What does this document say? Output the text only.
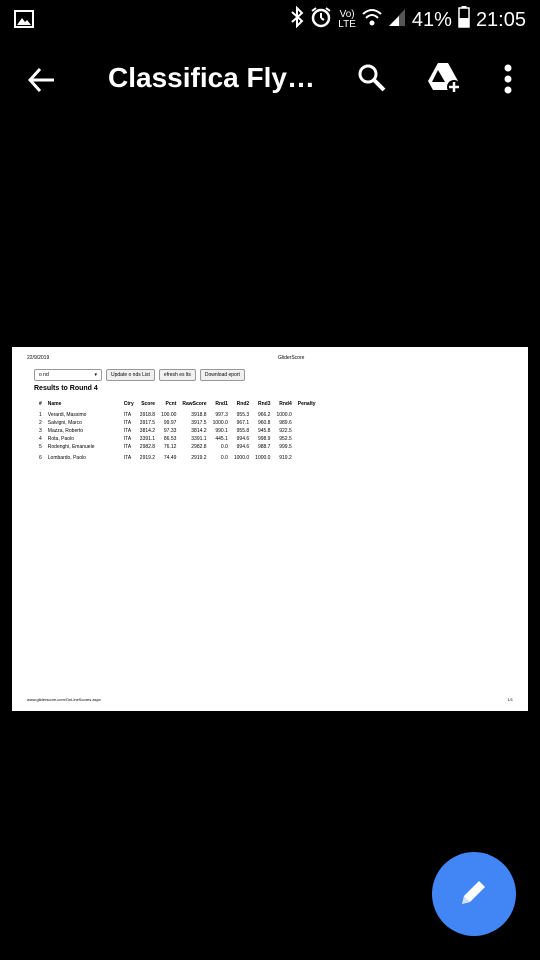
Vo)
LTE	41% 21:05
Classifica Fly…
22/9/2019	GliderScore
o nd	▾	Update o nds List	efresh es lts	Download eport
Results to Round 4
#	Name	Ctry	Score	Pcnt	RawScore	Rnd1	Rnd2	Rnd3	Rnd4	Penalty

1	Verardi, Massimo	ITA	3918.8	100.00	3918.8	997.3	955.3	966.2	1000.0	
2	Salvigni, Marco	ITA	3917.5	99.97	3917.5	1000.0	967.1	960.8	989.6	
3	Mazza, Roberto	ITA	3814.2	97.33	3814.2	990.1	955.8	945.8	922.5	
4	Rota, Paolo	ITA	3391.1	86.53	3391.1	445.1	994.6	998.9	952.5	
5	Rodenghi, Emanuele	ITA	2982.8	76.12	2982.8	0.0	994.6	988.7	999.5	

6	Lombardo, Paolo	ITA	2919.2	74.49	2919.2	0.0	1000.0	1000.0	919.2	
www.gliderscore.com/OnLineScores.aspx	1/1
